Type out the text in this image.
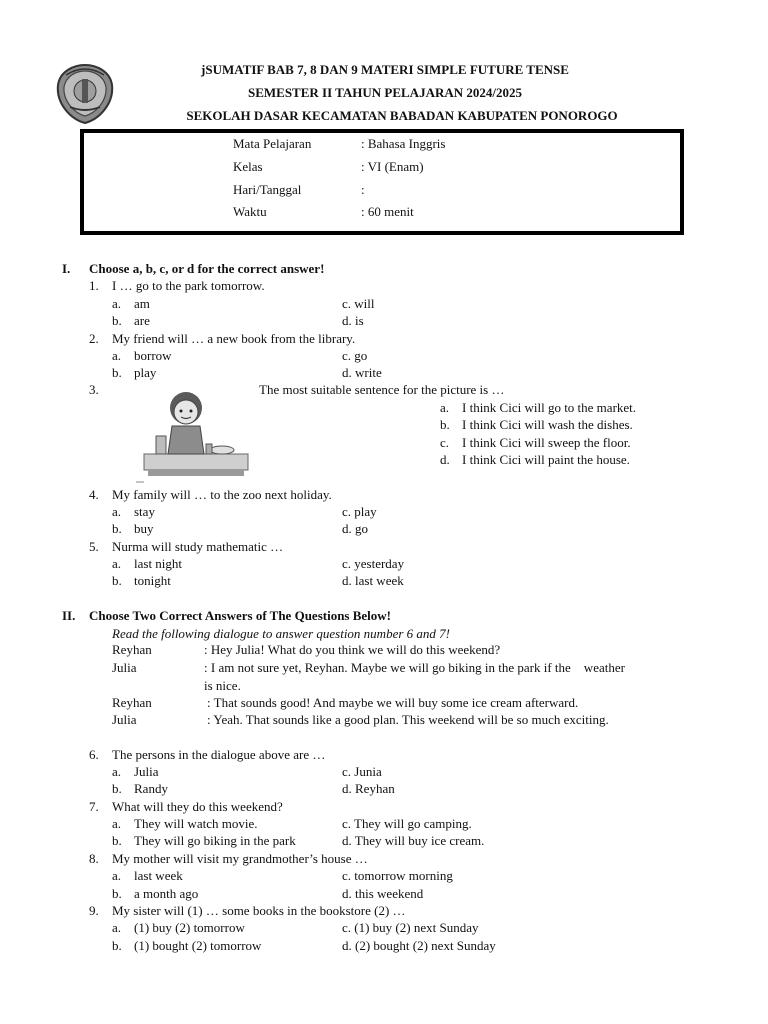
jSUMATIF BAB 7, 8 DAN 9 MATERI SIMPLE FUTURE TENSE
SEMESTER II TAHUN PELAJARAN 2024/2025
SEKOLAH DASAR KECAMATAN BABADAN KABUPATEN PONOROGO
Mata Pelajaran	: Bahasa Inggris
Kelas	: VI (Enam)
Hari/Tanggal	:
Waktu	: 60 menit
I. Choose a, b, c, or d for the correct answer!
1. I … go to the park tomorrow.
a. am	c. will
b. are	d. is
2. My friend will … a new book from the library.
a. borrow	c. go
b. play	d. write
3.	The most suitable sentence for the picture is …
a. I think Cici will go to the market.
b. I think Cici will wash the dishes.
c. I think Cici will sweep the floor.
d. I think Cici will paint the house.
4. My family will … to the zoo next holiday.
a. stay	c. play
b. buy	d. go
5. Nurma will study mathematic …
a. last night	c. yesterday
b. tonight	d. last week
II. Choose Two Correct Answers of The Questions Below!
Read the following dialogue to answer question number 6 and 7!
Reyhan	: Hey Julia! What do you think we will do this weekend?
Julia	: I am not sure yet, Reyhan. Maybe we will go biking in the park if the    weather
is nice.
Reyhan	: That sounds good! And maybe we will buy some ice cream afterward.
Julia	: Yeah. That sounds like a good plan. This weekend will be so much exciting.
6. The persons in the dialogue above are …
a. Julia	c. Junia
b. Randy	d. Reyhan
7. What will they do this weekend?
a. They will watch movie.	c. They will go camping.
b. They will go biking in the park	d. They will buy ice cream.
8. My mother will visit my grandmother’s house …
a. last week	c. tomorrow morning
b. a month ago	d. this weekend
9. My sister will (1) … some books in the bookstore (2) …
a. (1) buy (2) tomorrow	c. (1) buy (2) next Sunday
b. (1) bought (2) tomorrow	d. (2) bought (2) next Sunday
